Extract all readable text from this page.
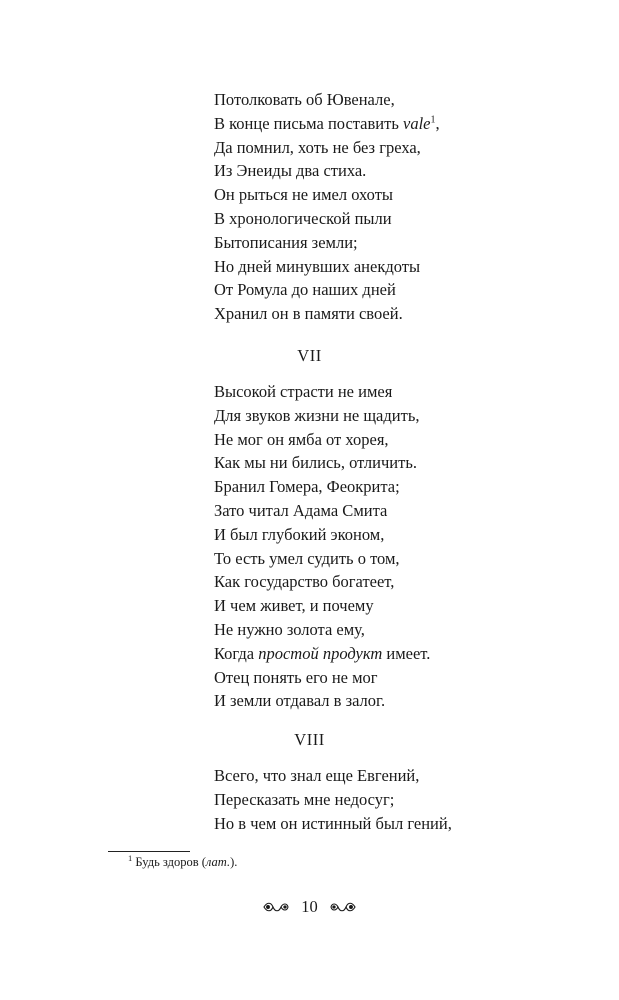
Потолковать об Ювенале,
В конце письма поставить vale$^1$,
Да помнил, хоть не без греха,
Из Энеиды два стиха.
Он рыться не имел охоты
В хронологической пыли
Бытописания земли;
Но дней минувших анекдоты
От Ромула до наших дней
Хранил он в памяти своей.
VII
Высокой страсти не имея
Для звуков жизни не щадить,
Не мог он ямба от хорея,
Как мы ни бились, отличить.
Бранил Гомера, Феокрита;
Зато читал Адама Смита
И был глубокий эконом,
То есть умел судить о том,
Как государство богатеет,
И чем живет, и почему
Не нужно золота ему,
Когда простой продукт имеет.
Отец понять его не мог
И земли отдавал в залог.
VIII
Всего, что знал еще Евгений,
Пересказать мне недосуг;
Но в чем он истинный был гений,
$^1$ Будь здоров (лат.).
10
